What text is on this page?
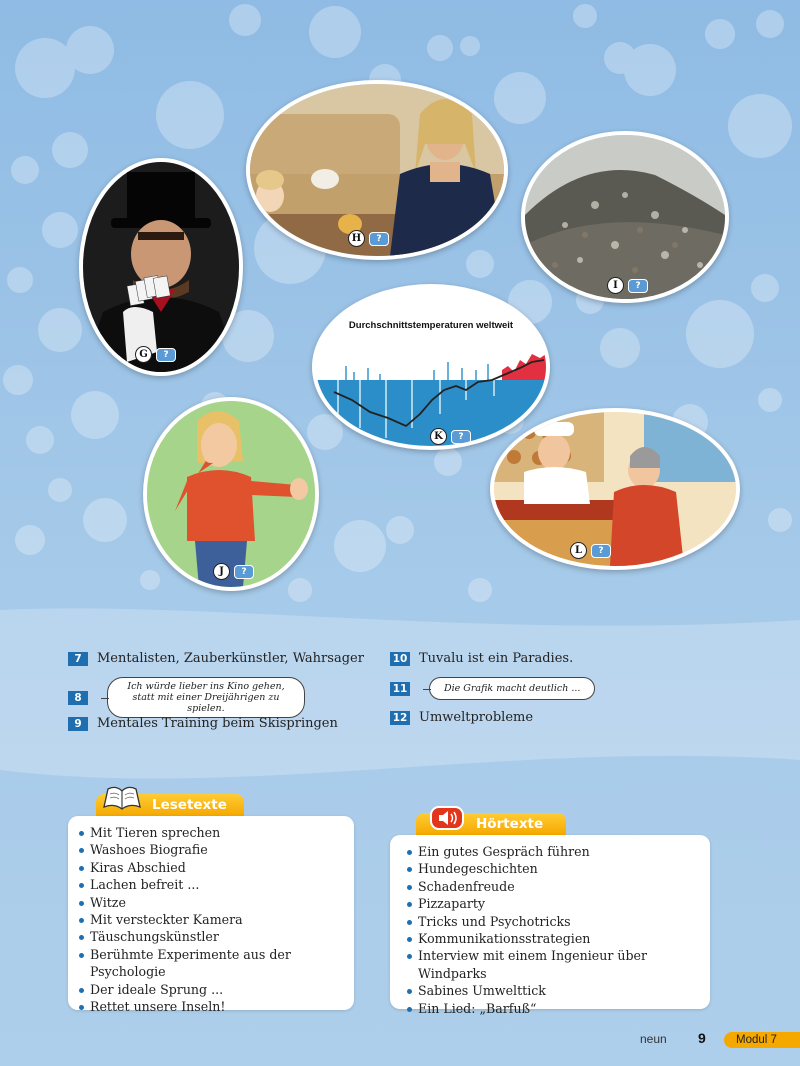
G	?
H	?
I	?
Durchschnittstemperaturen weltweit
K	?
J	?
L	?
7	Mentalisten, Zauberkünstler, Wahrsager
8
Ich würde lieber ins Kino gehen, statt mit einer Dreijährigen zu spielen.
9	Mentales Training beim Skispringen
10 Tuvalu ist ein Paradies.
11	Die Grafik macht deutlich ...
12 Umweltprobleme
Lesetexte
Mit Tieren sprechen
Washoes Biografie
Kiras Abschied
Lachen befreit ...
Witze
Mit versteckter Kamera
Täuschungskünstler
Berühmte Experimente aus der Psychologie
Der ideale Sprung ...
Rettet unsere Inseln!
Hörtexte
Ein gutes Gespräch führen
Hundegeschichten
Schadenfreude
Pizzaparty
Tricks und Psychotricks
Kommunikationsstrategien
Interview mit einem Ingenieur über Windparks
Sabines Umwelttick
Ein Lied: „Barfuß“
neun 9	Modul 7
